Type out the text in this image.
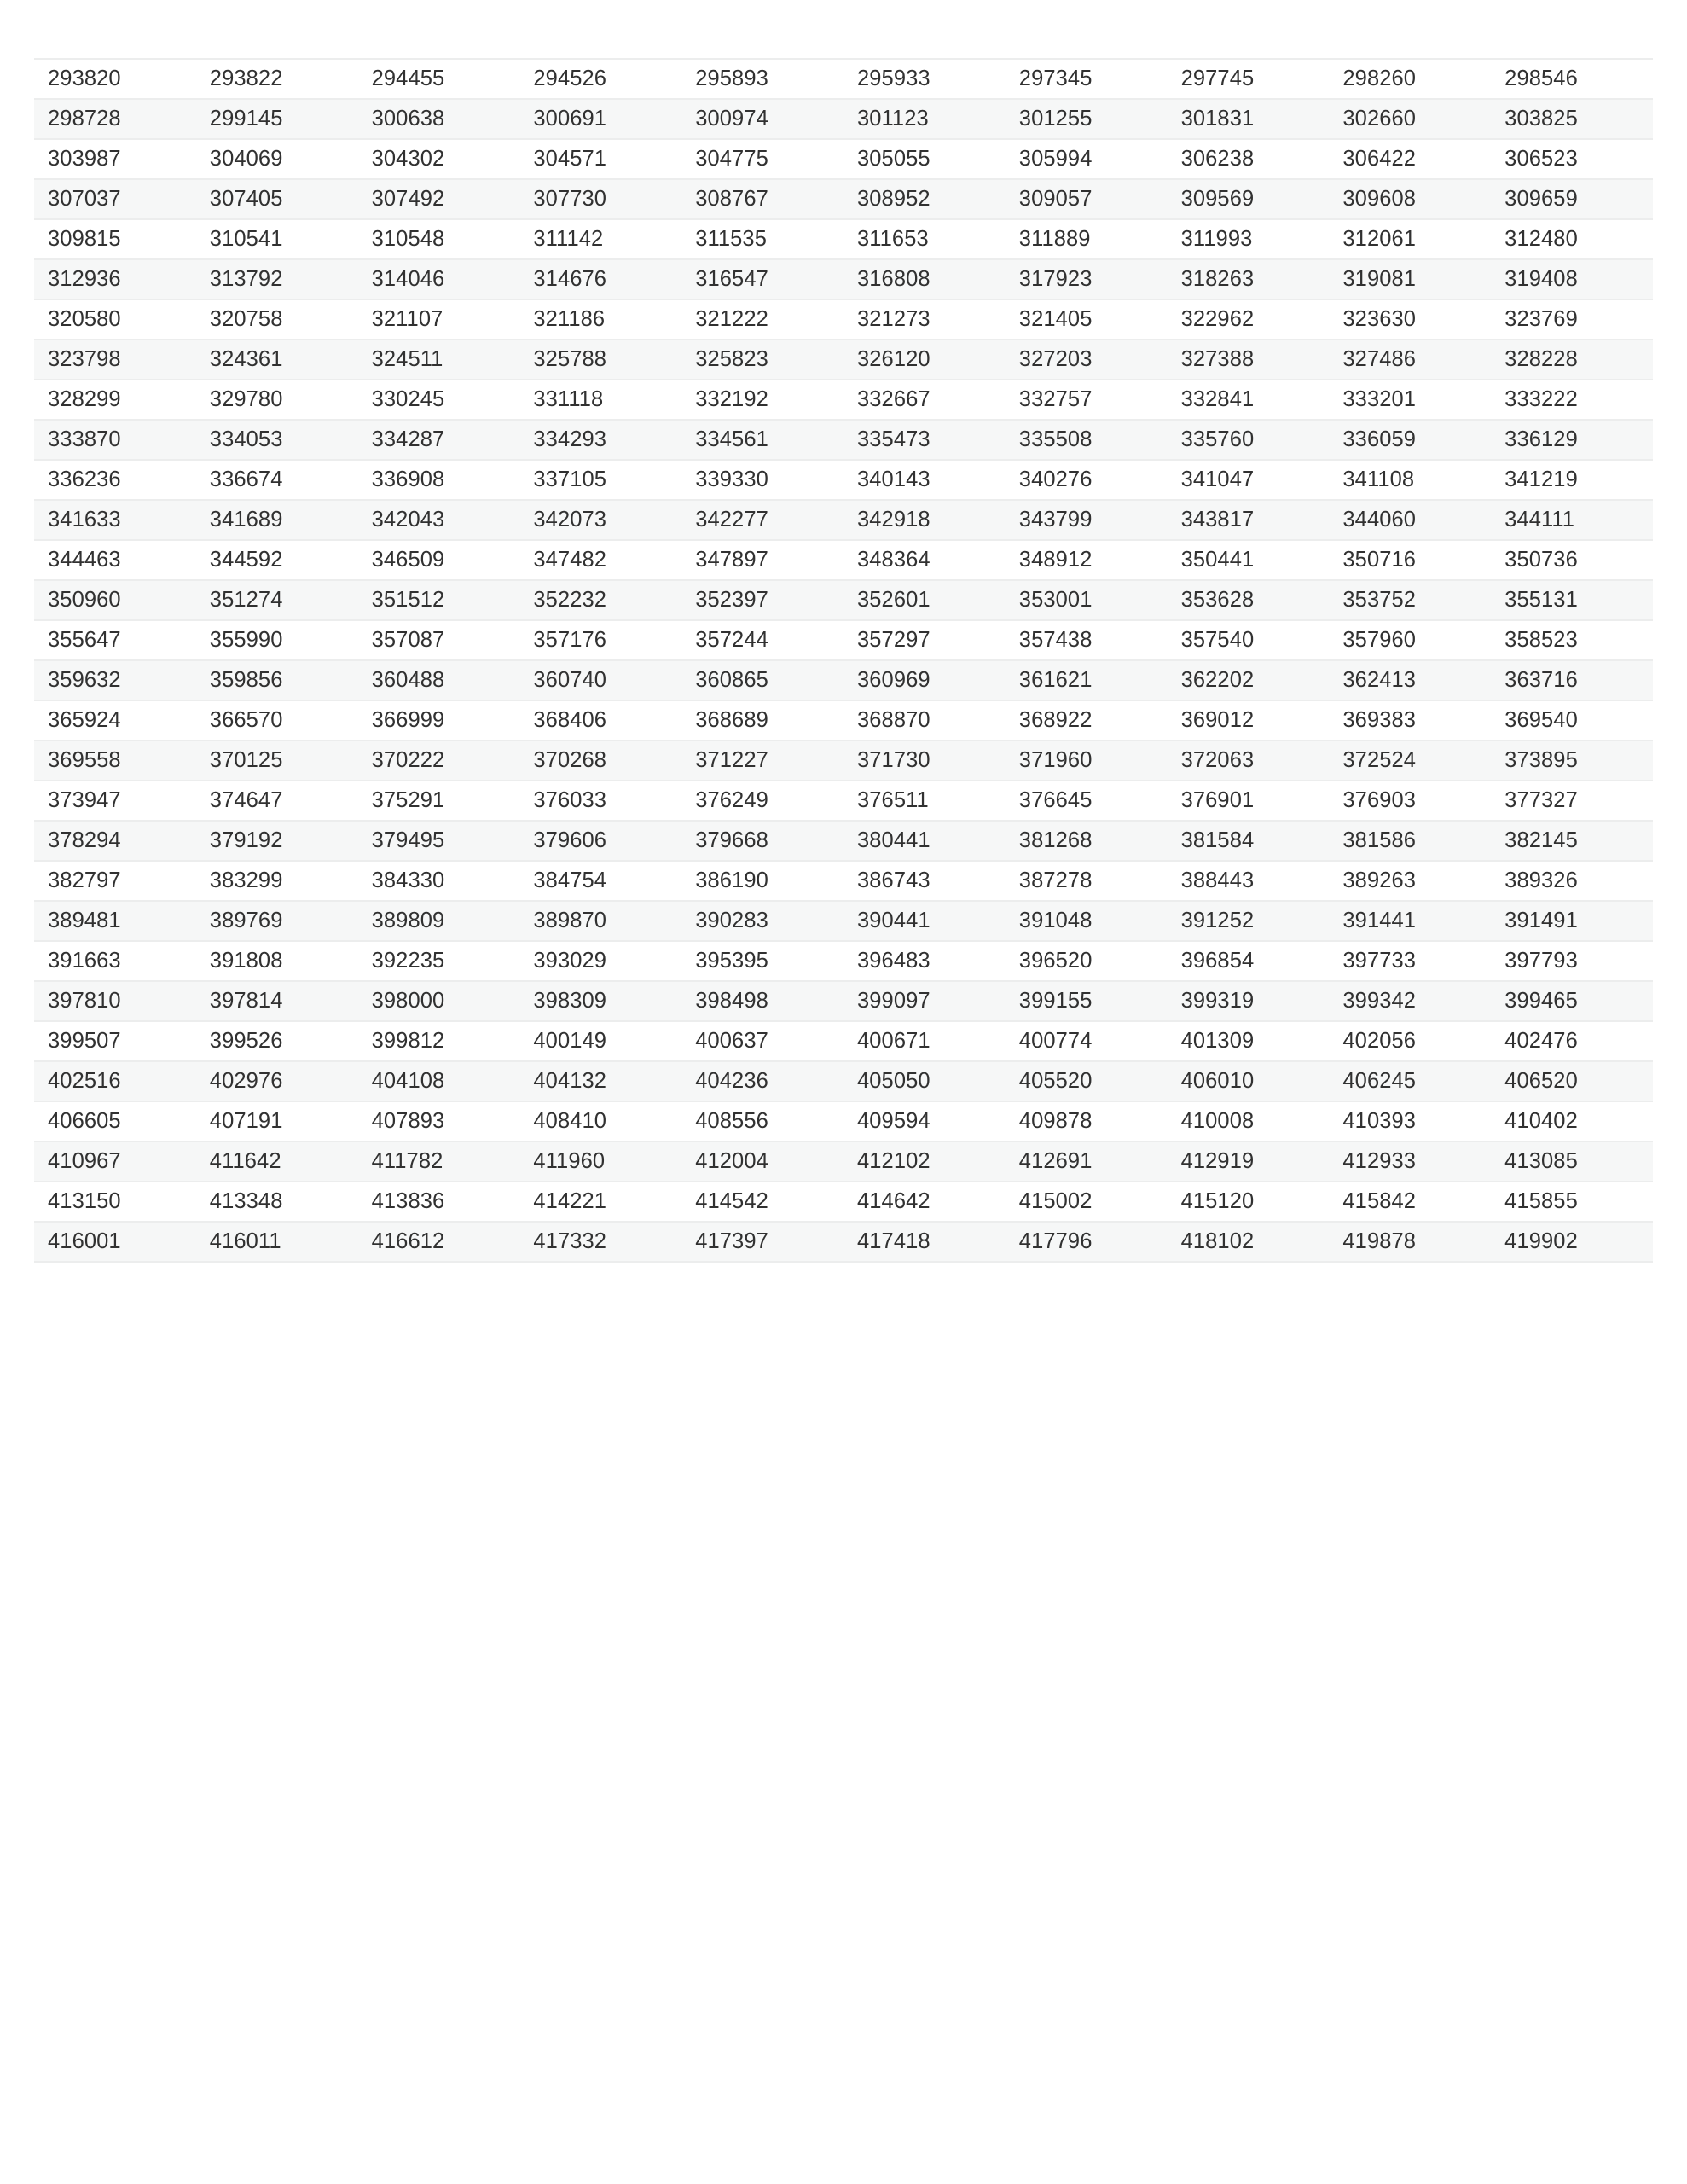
293820	293822	294455	294526	295893	295933	297345	297745	298260	298546
298728	299145	300638	300691	300974	301123	301255	301831	302660	303825
303987	304069	304302	304571	304775	305055	305994	306238	306422	306523
307037	307405	307492	307730	308767	308952	309057	309569	309608	309659
309815	310541	310548	311142	311535	311653	311889	311993	312061	312480
312936	313792	314046	314676	316547	316808	317923	318263	319081	319408
320580	320758	321107	321186	321222	321273	321405	322962	323630	323769
323798	324361	324511	325788	325823	326120	327203	327388	327486	328228
328299	329780	330245	331118	332192	332667	332757	332841	333201	333222
333870	334053	334287	334293	334561	335473	335508	335760	336059	336129
336236	336674	336908	337105	339330	340143	340276	341047	341108	341219
341633	341689	342043	342073	342277	342918	343799	343817	344060	344111
344463	344592	346509	347482	347897	348364	348912	350441	350716	350736
350960	351274	351512	352232	352397	352601	353001	353628	353752	355131
355647	355990	357087	357176	357244	357297	357438	357540	357960	358523
359632	359856	360488	360740	360865	360969	361621	362202	362413	363716
365924	366570	366999	368406	368689	368870	368922	369012	369383	369540
369558	370125	370222	370268	371227	371730	371960	372063	372524	373895
373947	374647	375291	376033	376249	376511	376645	376901	376903	377327
378294	379192	379495	379606	379668	380441	381268	381584	381586	382145
382797	383299	384330	384754	386190	386743	387278	388443	389263	389326
389481	389769	389809	389870	390283	390441	391048	391252	391441	391491
391663	391808	392235	393029	395395	396483	396520	396854	397733	397793
397810	397814	398000	398309	398498	399097	399155	399319	399342	399465
399507	399526	399812	400149	400637	400671	400774	401309	402056	402476
402516	402976	404108	404132	404236	405050	405520	406010	406245	406520
406605	407191	407893	408410	408556	409594	409878	410008	410393	410402
410967	411642	411782	411960	412004	412102	412691	412919	412933	413085
413150	413348	413836	414221	414542	414642	415002	415120	415842	415855
416001	416011	416612	417332	417397	417418	417796	418102	419878	419902
